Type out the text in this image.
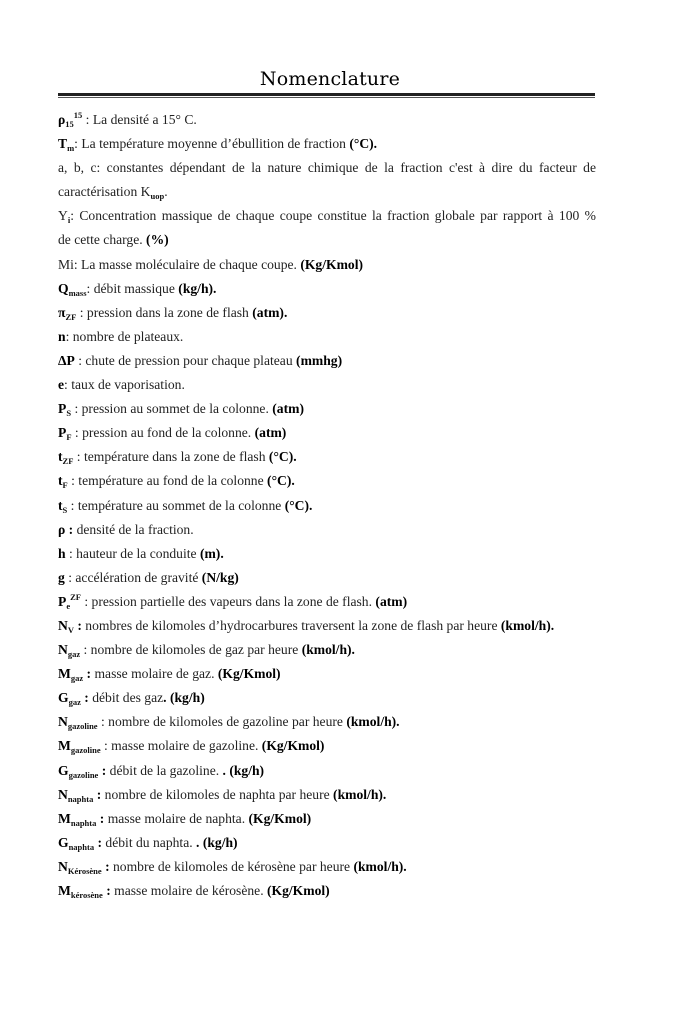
Nomenclature
$\rho_{15}^{15}$ : La densité a 15° C.
$T_m$: La température moyenne d’ébullition de fraction (°C).
a, b, c: constantes dépendant de la nature chimique de la fraction c'est à dire du facteur de
caractérisation $K_{uop}$.
$Y_i$: Concentration massique de chaque coupe constitue la fraction globale par rapport à 100 %
de cette charge. (%)
Mi: La masse moléculaire de chaque coupe. (Kg/Kmol)
$Q_{mass}$: débit massique (kg/h).
$\pi_{ZF}$ : pression dans la zone de flash (atm).
n: nombre de plateaux.
ΔP : chute de pression pour chaque plateau (mmhg)
e: taux de vaporisation.
$P_S$ : pression au sommet de la colonne. (atm)
$P_F$ : pression au fond de la colonne. (atm)
$t_{ZF}$ : température dans la zone de flash (°C).
$t_F$ : température au fond de la colonne (°C).
$t_S$ : température au sommet de la colonne (°C).
ρ : densité de la fraction.
h : hauteur de la conduite (m).
g : accélération de gravité (N/kg)
$P_e^{ZF}$ : pression partielle des vapeurs dans la zone de flash. (atm)
$N_V$ : nombres de kilomoles d’hydrocarbures traversent la zone de flash par heure (kmol/h).
$N_{gaz}$ : nombre de kilomoles de gaz par heure (kmol/h).
$M_{gaz}$ : masse molaire de gaz. (Kg/Kmol)
$G_{gaz}$ : débit des gaz. (kg/h)
$N_{gazoline}$ : nombre de kilomoles de gazoline par heure (kmol/h).
$M_{gazoline}$ : masse molaire de gazoline. (Kg/Kmol)
$G_{gazoline}$ : débit de la gazoline. . (kg/h)
$N_{naphta}$ : nombre de kilomoles de naphta par heure (kmol/h).
$M_{naphta}$ : masse molaire de naphta. (Kg/Kmol)
$G_{naphta}$ : débit du naphta. . (kg/h)
$N_{Kérosène}$ : nombre de kilomoles de kérosène par heure (kmol/h).
$M_{kérosène}$ : masse molaire de kérosène. (Kg/Kmol)
